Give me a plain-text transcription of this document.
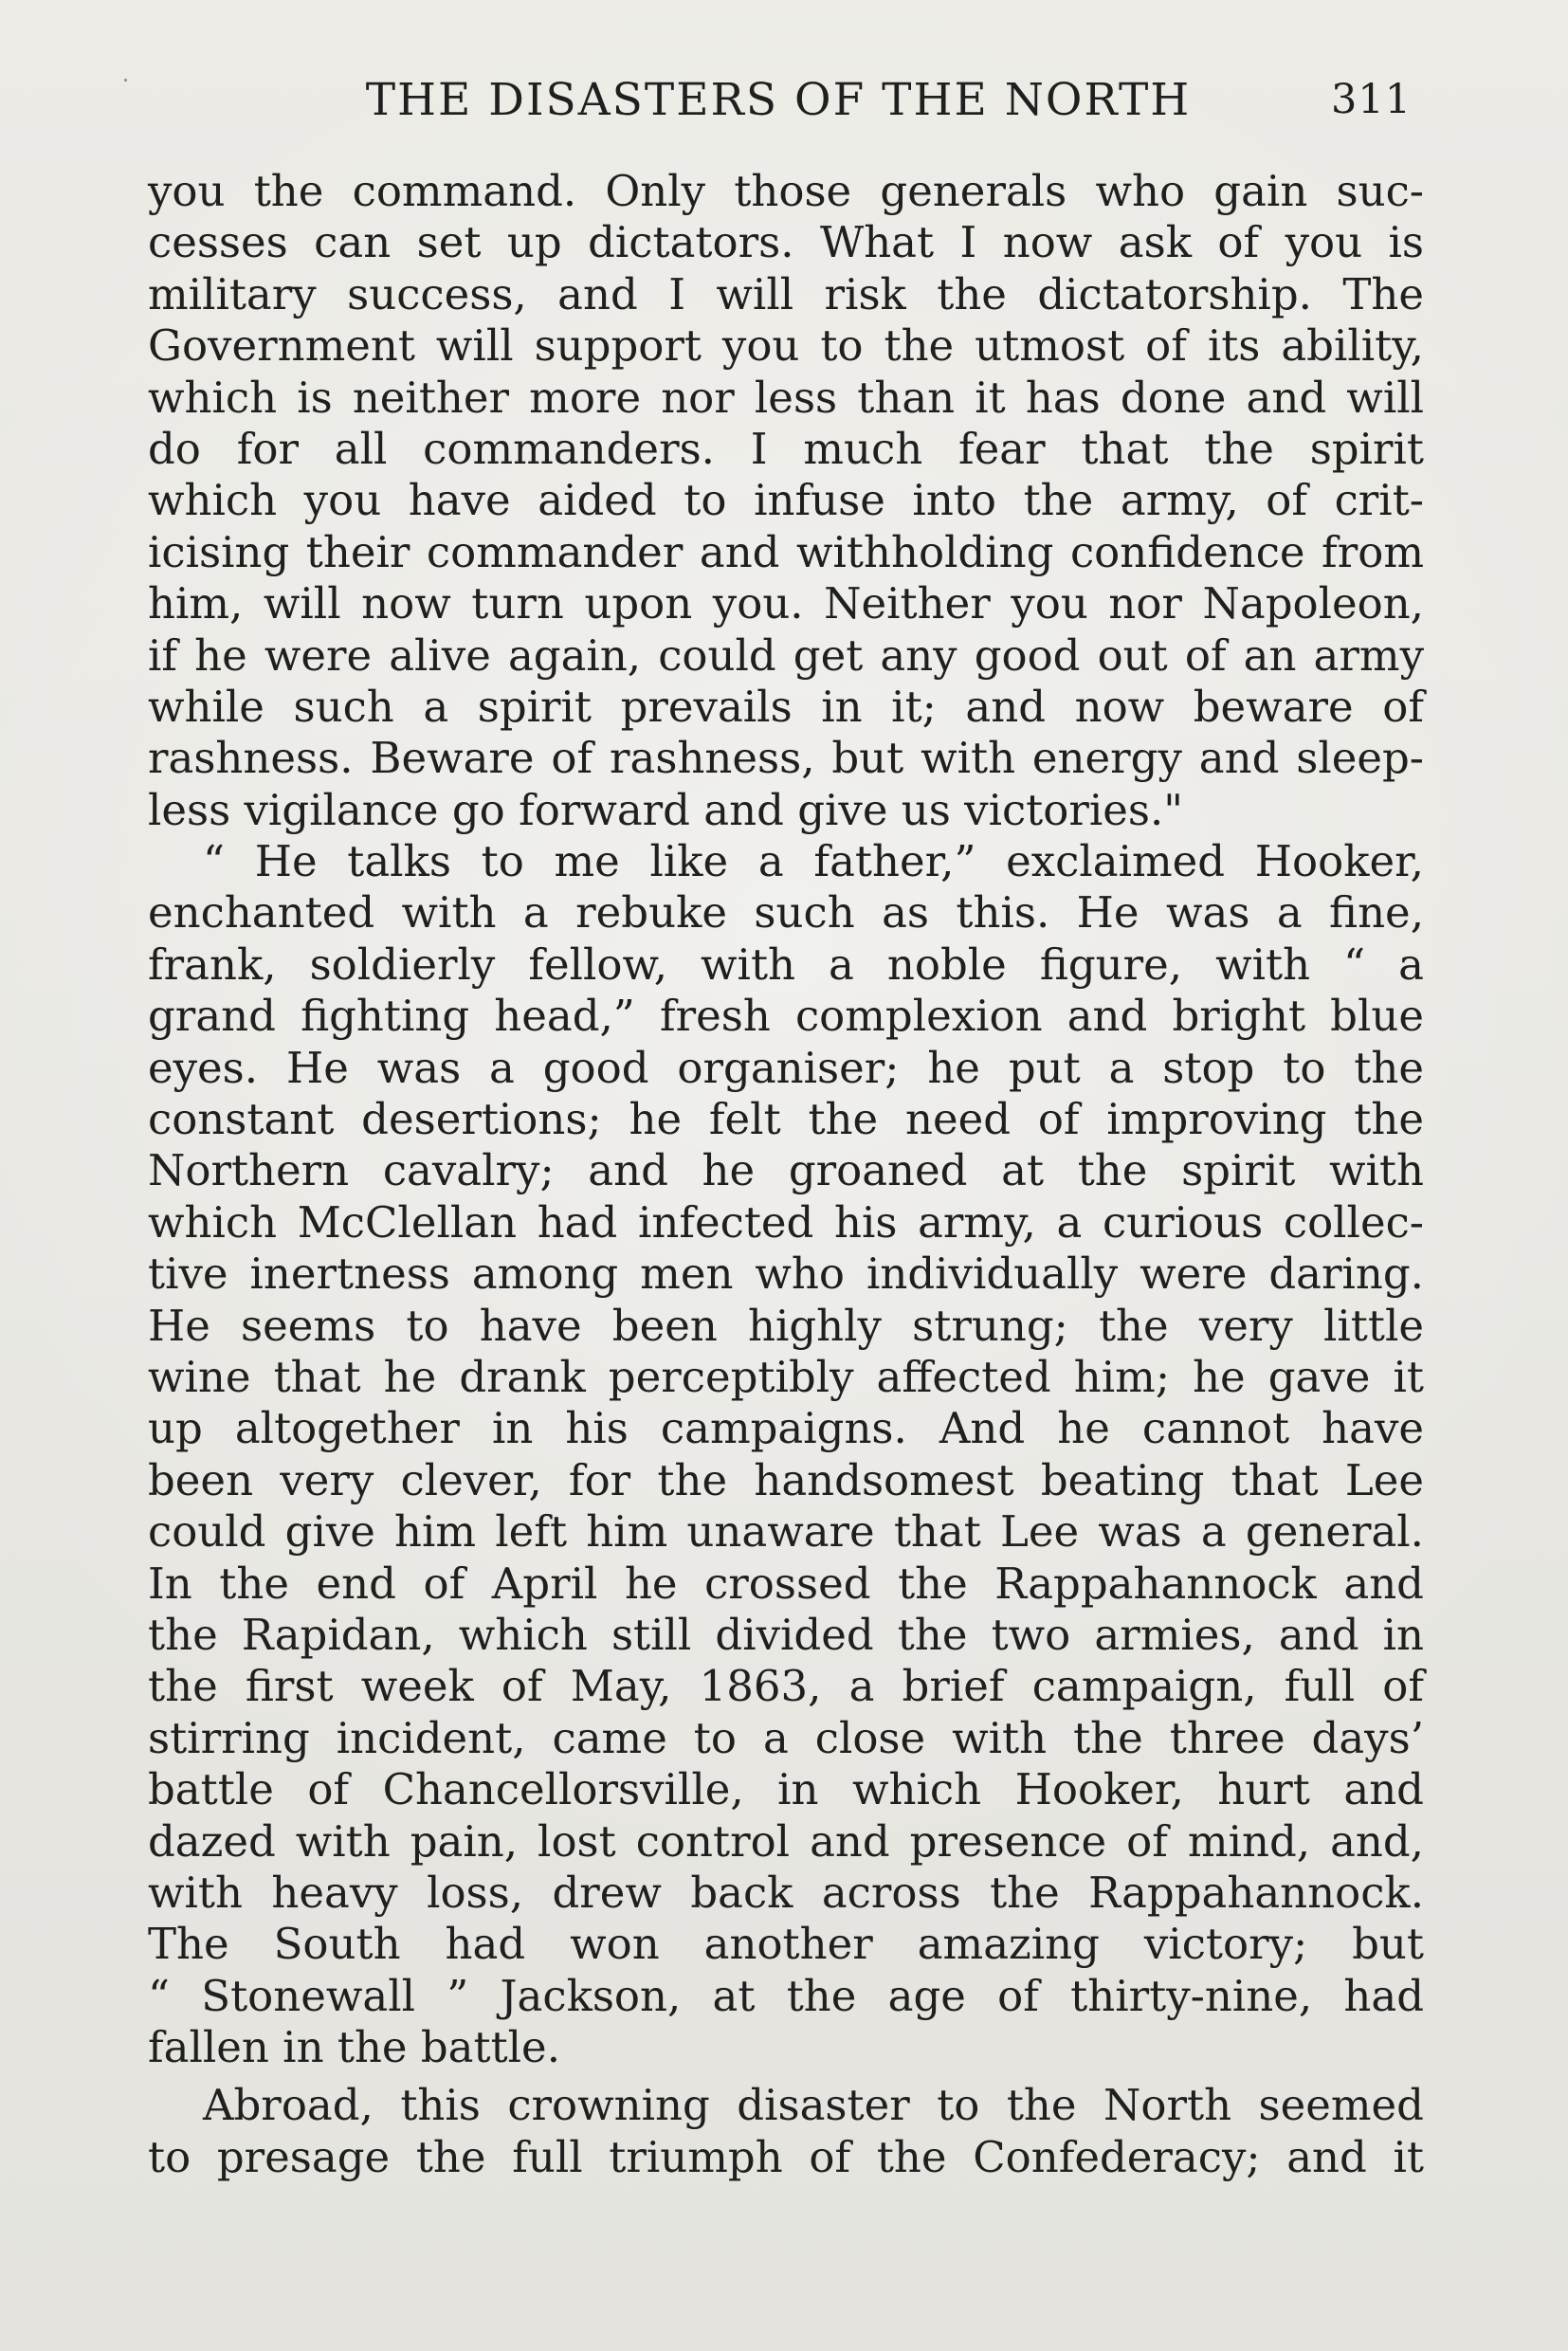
THE DISASTERS OF THE NORTH	311
you the command. Only those generals who gain suc-
cesses can set up dictators. What I now ask of you is
military success, and I will risk the dictatorship. The
Government will support you to the utmost of its ability,
which is neither more nor less than it has done and will
do for all commanders. I much fear that the spirit
which you have aided to infuse into the army, of crit-
icising their commander and withholding confidence from
him, will now turn upon you. Neither you nor Napoleon,
if he were alive again, could get any good out of an army
while such a spirit prevails in it; and now beware of
rashness. Beware of rashness, but with energy and sleep-
less vigilance go forward and give us victories."
“ He talks to me like a father,” exclaimed Hooker,
enchanted with a rebuke such as this. He was a fine,
frank, soldierly fellow, with a noble figure, with “ a
grand fighting head,” fresh complexion and bright blue
eyes. He was a good organiser; he put a stop to the
constant desertions; he felt the need of improving the
Northern cavalry; and he groaned at the spirit with
which McClellan had infected his army, a curious collec-
tive inertness among men who individually were daring.
He seems to have been highly strung; the very little
wine that he drank perceptibly affected him; he gave it
up altogether in his campaigns. And he cannot have
been very clever, for the handsomest beating that Lee
could give him left him unaware that Lee was a general.
In the end of April he crossed the Rappahannock and
the Rapidan, which still divided the two armies, and in
the first week of May, 1863, a brief campaign, full of
stirring incident, came to a close with the three days’
battle of Chancellorsville, in which Hooker, hurt and
dazed with pain, lost control and presence of mind, and,
with heavy loss, drew back across the Rappahannock.
The South had won another amazing victory; but
“ Stonewall ” Jackson, at the age of thirty-nine, had
fallen in the battle.
Abroad, this crowning disaster to the North seemed
to presage the full triumph of the Confederacy; and it
